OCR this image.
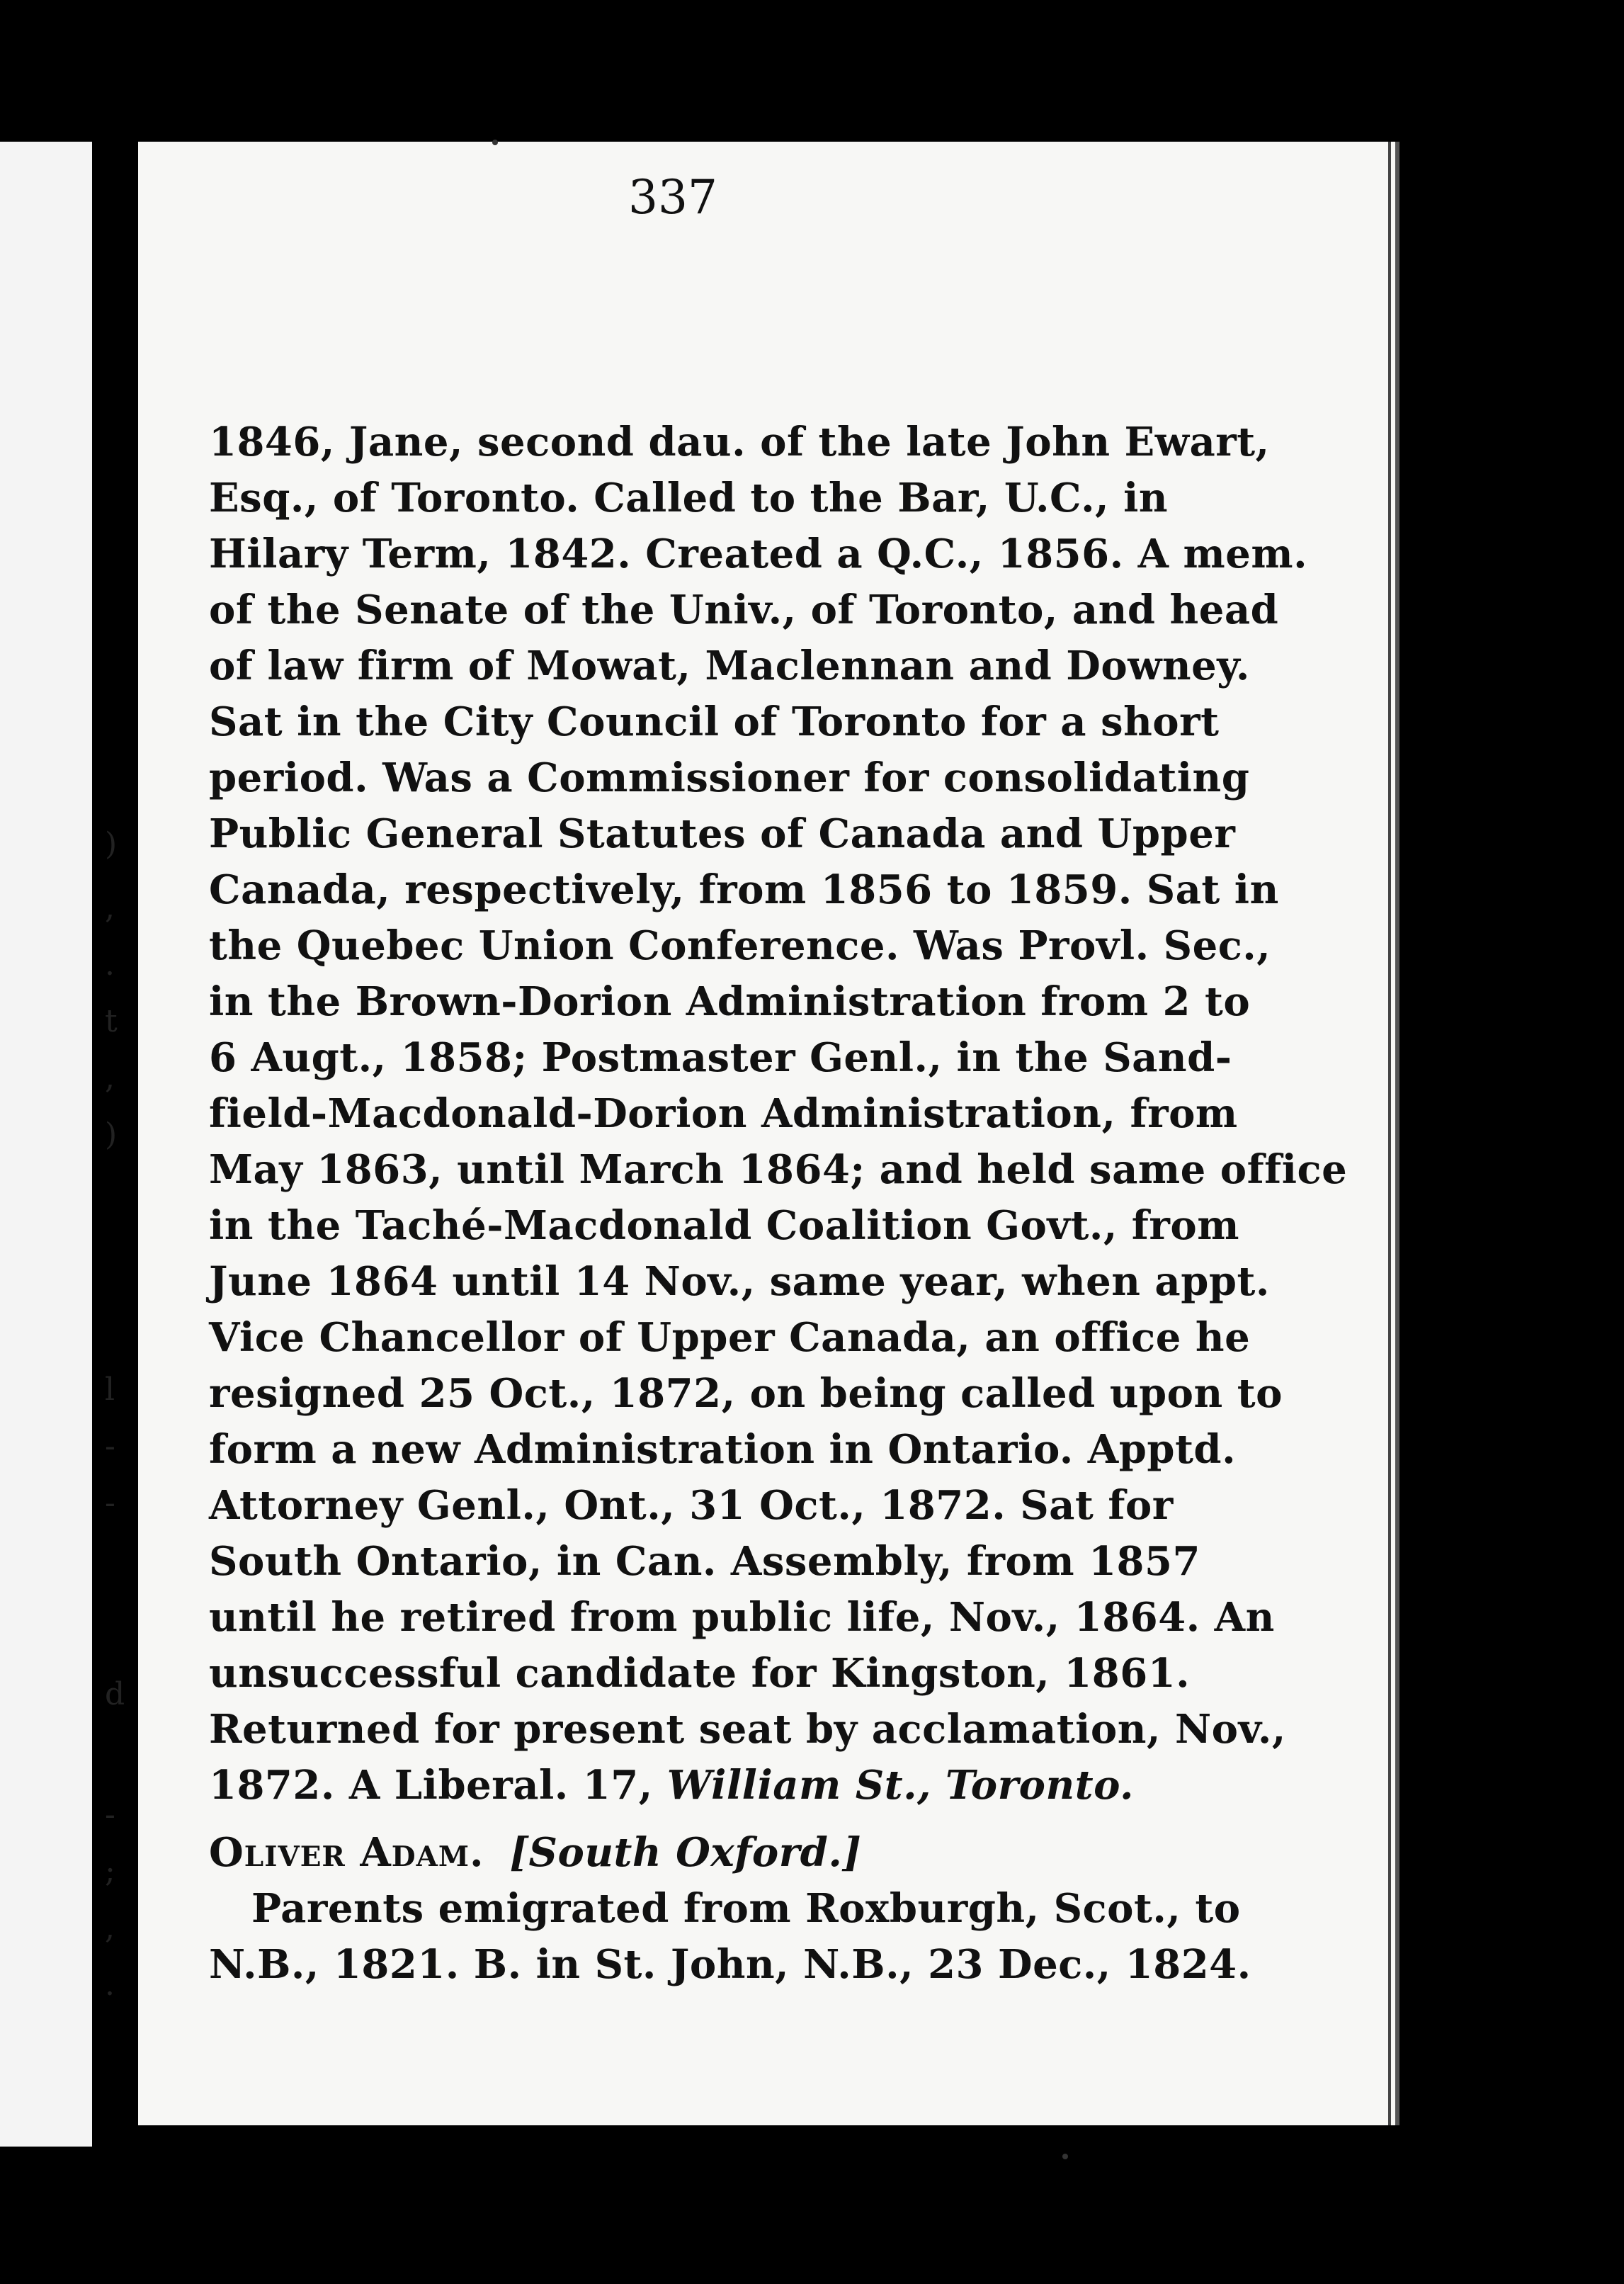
)
,
.
t
,
)
l
-
-
d
-
;
,
.
337
1846, Jane, second dau. of the late John Ewart,
Esq., of Toronto. Called to the Bar, U.C., in
Hilary Term, 1842. Created a Q.C., 1856. A mem.
of the Senate of the Univ., of Toronto, and head
of law firm of Mowat, Maclennan and Downey.
Sat in the City Council of Toronto for a short
period. Was a Commissioner for consolidating
Public General Statutes of Canada and Upper
Canada, respectively, from 1856 to 1859. Sat in
the Quebec Union Conference. Was Provl. Sec.,
in the Brown-Dorion Administration from 2 to
6 Augt., 1858; Postmaster Genl., in the Sand-
field-Macdonald-Dorion Administration, from
May 1863, until March 1864; and held same office
in the Taché-Macdonald Coalition Govt., from
June 1864 until 14 Nov., same year, when appt.
Vice Chancellor of Upper Canada, an office he
resigned 25 Oct., 1872, on being called upon to
form a new Administration in Ontario. Apptd.
Attorney Genl., Ont., 31 Oct., 1872. Sat for
South Ontario, in Can. Assembly, from 1857
until he retired from public life, Nov., 1864. An
unsuccessful candidate for Kingston, 1861.
Returned for present seat by acclamation, Nov.,
1872. A Liberal. 17, William St., Toronto.
Oliver Adam. [South Oxford.]
Parents emigrated from Roxburgh, Scot., to
N.B., 1821. B. in St. John, N.B., 23 Dec., 1824.
